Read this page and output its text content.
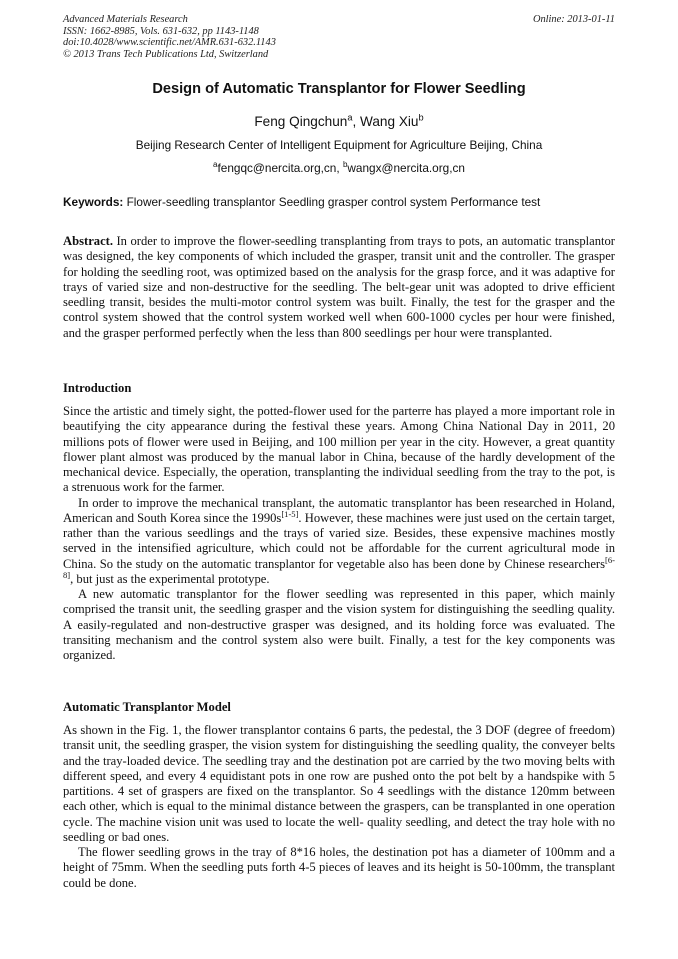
Advanced Materials Research
ISSN: 1662-8985, Vols. 631-632, pp 1143-1148
doi:10.4028/www.scientific.net/AMR.631-632.1143
© 2013 Trans Tech Publications Ltd, Switzerland
Online: 2013-01-11
Design of Automatic Transplantor for Flower Seedling
Feng Qingchun$^a$, Wang Xiu$^b$
Beijing Research Center of Intelligent Equipment for Agriculture Beijing, China
$^a$fengqc@nercita.org,cn, $^b$wangx@nercita.org,cn
Keywords: Flower-seedling transplantor Seedling grasper control system Performance test

Abstract. In order to improve the flower-seedling transplanting from trays to pots, an automatic transplantor was designed, the key components of which included the grasper, transit unit and the controller. The grasper for holding the seedling root, was optimized based on the analysis for the grasp force, and it was adaptive for trays of varied size and non-destructive for the seedling. The belt-gear unit was adopted to drive efficient seedling transit, besides the multi-motor control system was built. Finally, the test for the grasper and the control system showed that the control system worked well when 600-1000 cycles per hour were finished, and the grasper performed perfectly when the less than 800 seedlings per hour were transplanted.

Introduction

Since the artistic and timely sight, the potted-flower used for the parterre has played a more important role in beautifying the city appearance during the festival these years. Among China National Day in 2011, 20 millions pots of flower were used in Beijing, and 100 million per year in the city. However, a great quantity flower plant almost was produced by the manual labor in China, because of the hardly development of the mechanical device. Especially, the operation, transplanting the individual seedling from the tray to the pot, is a strenuous work for the farmer.

In order to improve the mechanical transplant, the automatic transplantor has been researched in Holand, American and South Korea since the 1990s[1-5]. However, these machines were just used on the certain target, rather than the various seedlings and the trays of varied size. Besides, these expensive machines mostly served in the intensified agriculture, which could not be affordable for the current agricultural mode in China. So the study on the automatic transplantor for vegetable also has been done by Chinese researchers[6-8], but just as the experimental prototype.

A new automatic transplantor for the flower seedling was represented in this paper, which mainly comprised the transit unit, the seedling grasper and the vision system for distinguishing the seedling quality. A easily-regulated and non-destructive grasper was designed, and its holding force was evaluated. The transiting mechanism and the control system also were built. Finally, a test for the key components was organized.

Automatic Transplantor Model

As shown in the Fig. 1, the flower transplantor contains 6 parts, the pedestal, the 3 DOF (degree of freedom) transit unit, the seedling grasper, the vision system for distinguishing the seedling quality, the conveyer belts and the tray-loaded device. The seedling tray and the destination pot are carried by the two moving belts with different speed, and every 4 equidistant pots in one row are pushed onto the pot belt by a handspike with 5 partitions. 4 set of graspers are fixed on the transplantor. So 4 seedlings with the distance 120mm between each other, which is equal to the minimal distance between the graspers, can be transplanted in one operation cycle. The machine vision unit was used to locate the well- quality seedling, and detect the tray hole with no seedling or bad ones.

The flower seedling grows in the tray of 8*16 holes, the destination pot has a diameter of 100mm and a height of 75mm. When the seedling puts forth 4-5 pieces of leaves and its height is 50-100mm, the transplant could be done.
